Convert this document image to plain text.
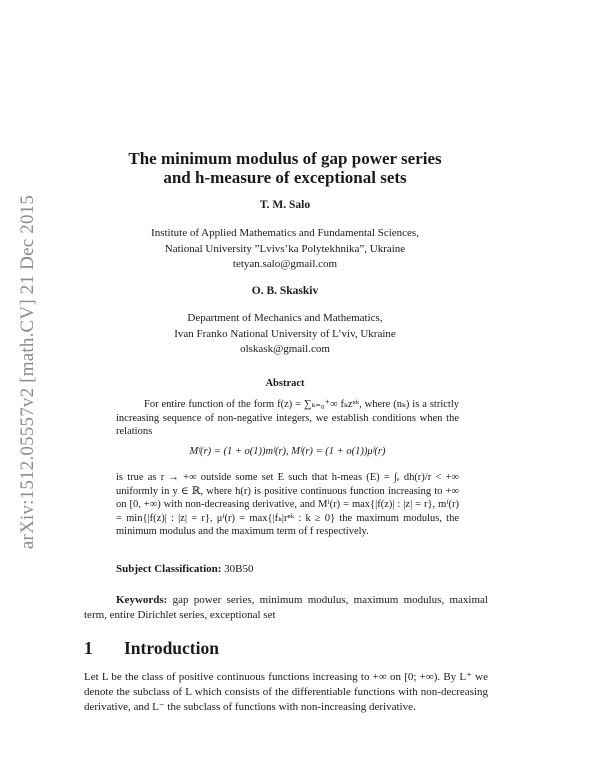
arXiv:1512.05557v2 [math.CV] 21 Dec 2015
The minimum modulus of gap power series
and h-measure of exceptional sets
T. M. Salo
Institute of Applied Mathematics and Fundamental Sciences,
National University ”Lvivs’ka Polytekhnika”, Ukraine
tetyan.salo@gmail.com
O. B. Skaskiv
Department of Mechanics and Mathematics,
Ivan Franko National University of L’viv, Ukraine
olskask@gmail.com
Abstract
For entire function of the form f(z) = ∑ₖ₌₀⁺∞ fₖzⁿᵏ, where (nₖ) is a strictly increasing sequence of non-negative integers, we establish conditions when the relations
Mᶠ(r) = (1 + o(1))mᶠ(r), Mᶠ(r) = (1 + o(1))μᶠ(r)
is true as r → +∞ outside some set E such that h-meas (E) = ∫ₑ dh(r)/r < +∞ uniformly in y ∈ ℝ, where h(r) is positive continuous function increasing to +∞ on [0, +∞) with non-decreasing derivative, and Mᶠ(r) = max{|f(z)| : |z| = r}, mᶠ(r) = min{|f(z)| : |z| = r}, μᶠ(r) = max{|fₖ|rⁿᵏ : k ≥ 0} the maximum modulus, the minimum modulus and the maximum term of f respectively.
Subject Classification: 30B50
Keywords: gap power series, minimum modulus, maximum modulus, maximal term, entire Dirichlet series, exceptional set
1 Introduction
Let L be the class of positive continuous functions increasing to +∞ on [0; +∞). By L⁺ we denote the subclass of L which consists of the differentiable functions with non-decreasing derivative, and L⁻ the subclass of functions with non-increasing derivative.
